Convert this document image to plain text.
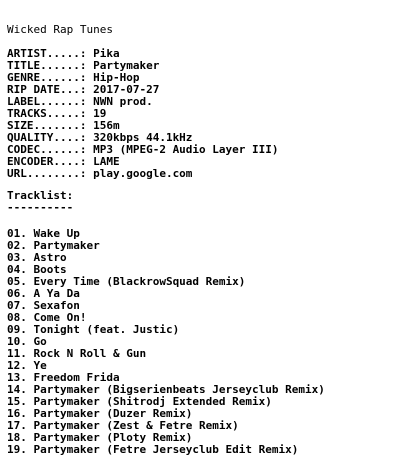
Wicked Rap Tunes
ARTIST.....: Pika
TITLE......: Partymaker
GENRE......: Hip-Hop
RIP DATE...: 2017-07-27
LABEL......: NWN prod.
TRACKS.....: 19
SIZE.......: 156m
QUALITY....: 320kbps 44.1kHz
CODEC......: MP3 (MPEG-2 Audio Layer III)
ENCODER....: LAME
URL........: play.google.com
Tracklist:
----------
01. Wake Up
02. Partymaker
03. Astro
04. Boots
05. Every Time (BlackrowSquad Remix)
06. A Ya Da
07. Sexafon
08. Come On!
09. Tonight (feat. Justic)
10. Go
11. Rock N Roll & Gun
12. Ye
13. Freedom Frida
14. Partymaker (Bigserienbeats Jerseyclub Remix)
15. Partymaker (Shitrodj Extended Remix)
16. Partymaker (Duzer Remix)
17. Partymaker (Zest & Fetre Remix)
18. Partymaker (Ploty Remix)
19. Partymaker (Fetre Jerseyclub Edit Remix)
